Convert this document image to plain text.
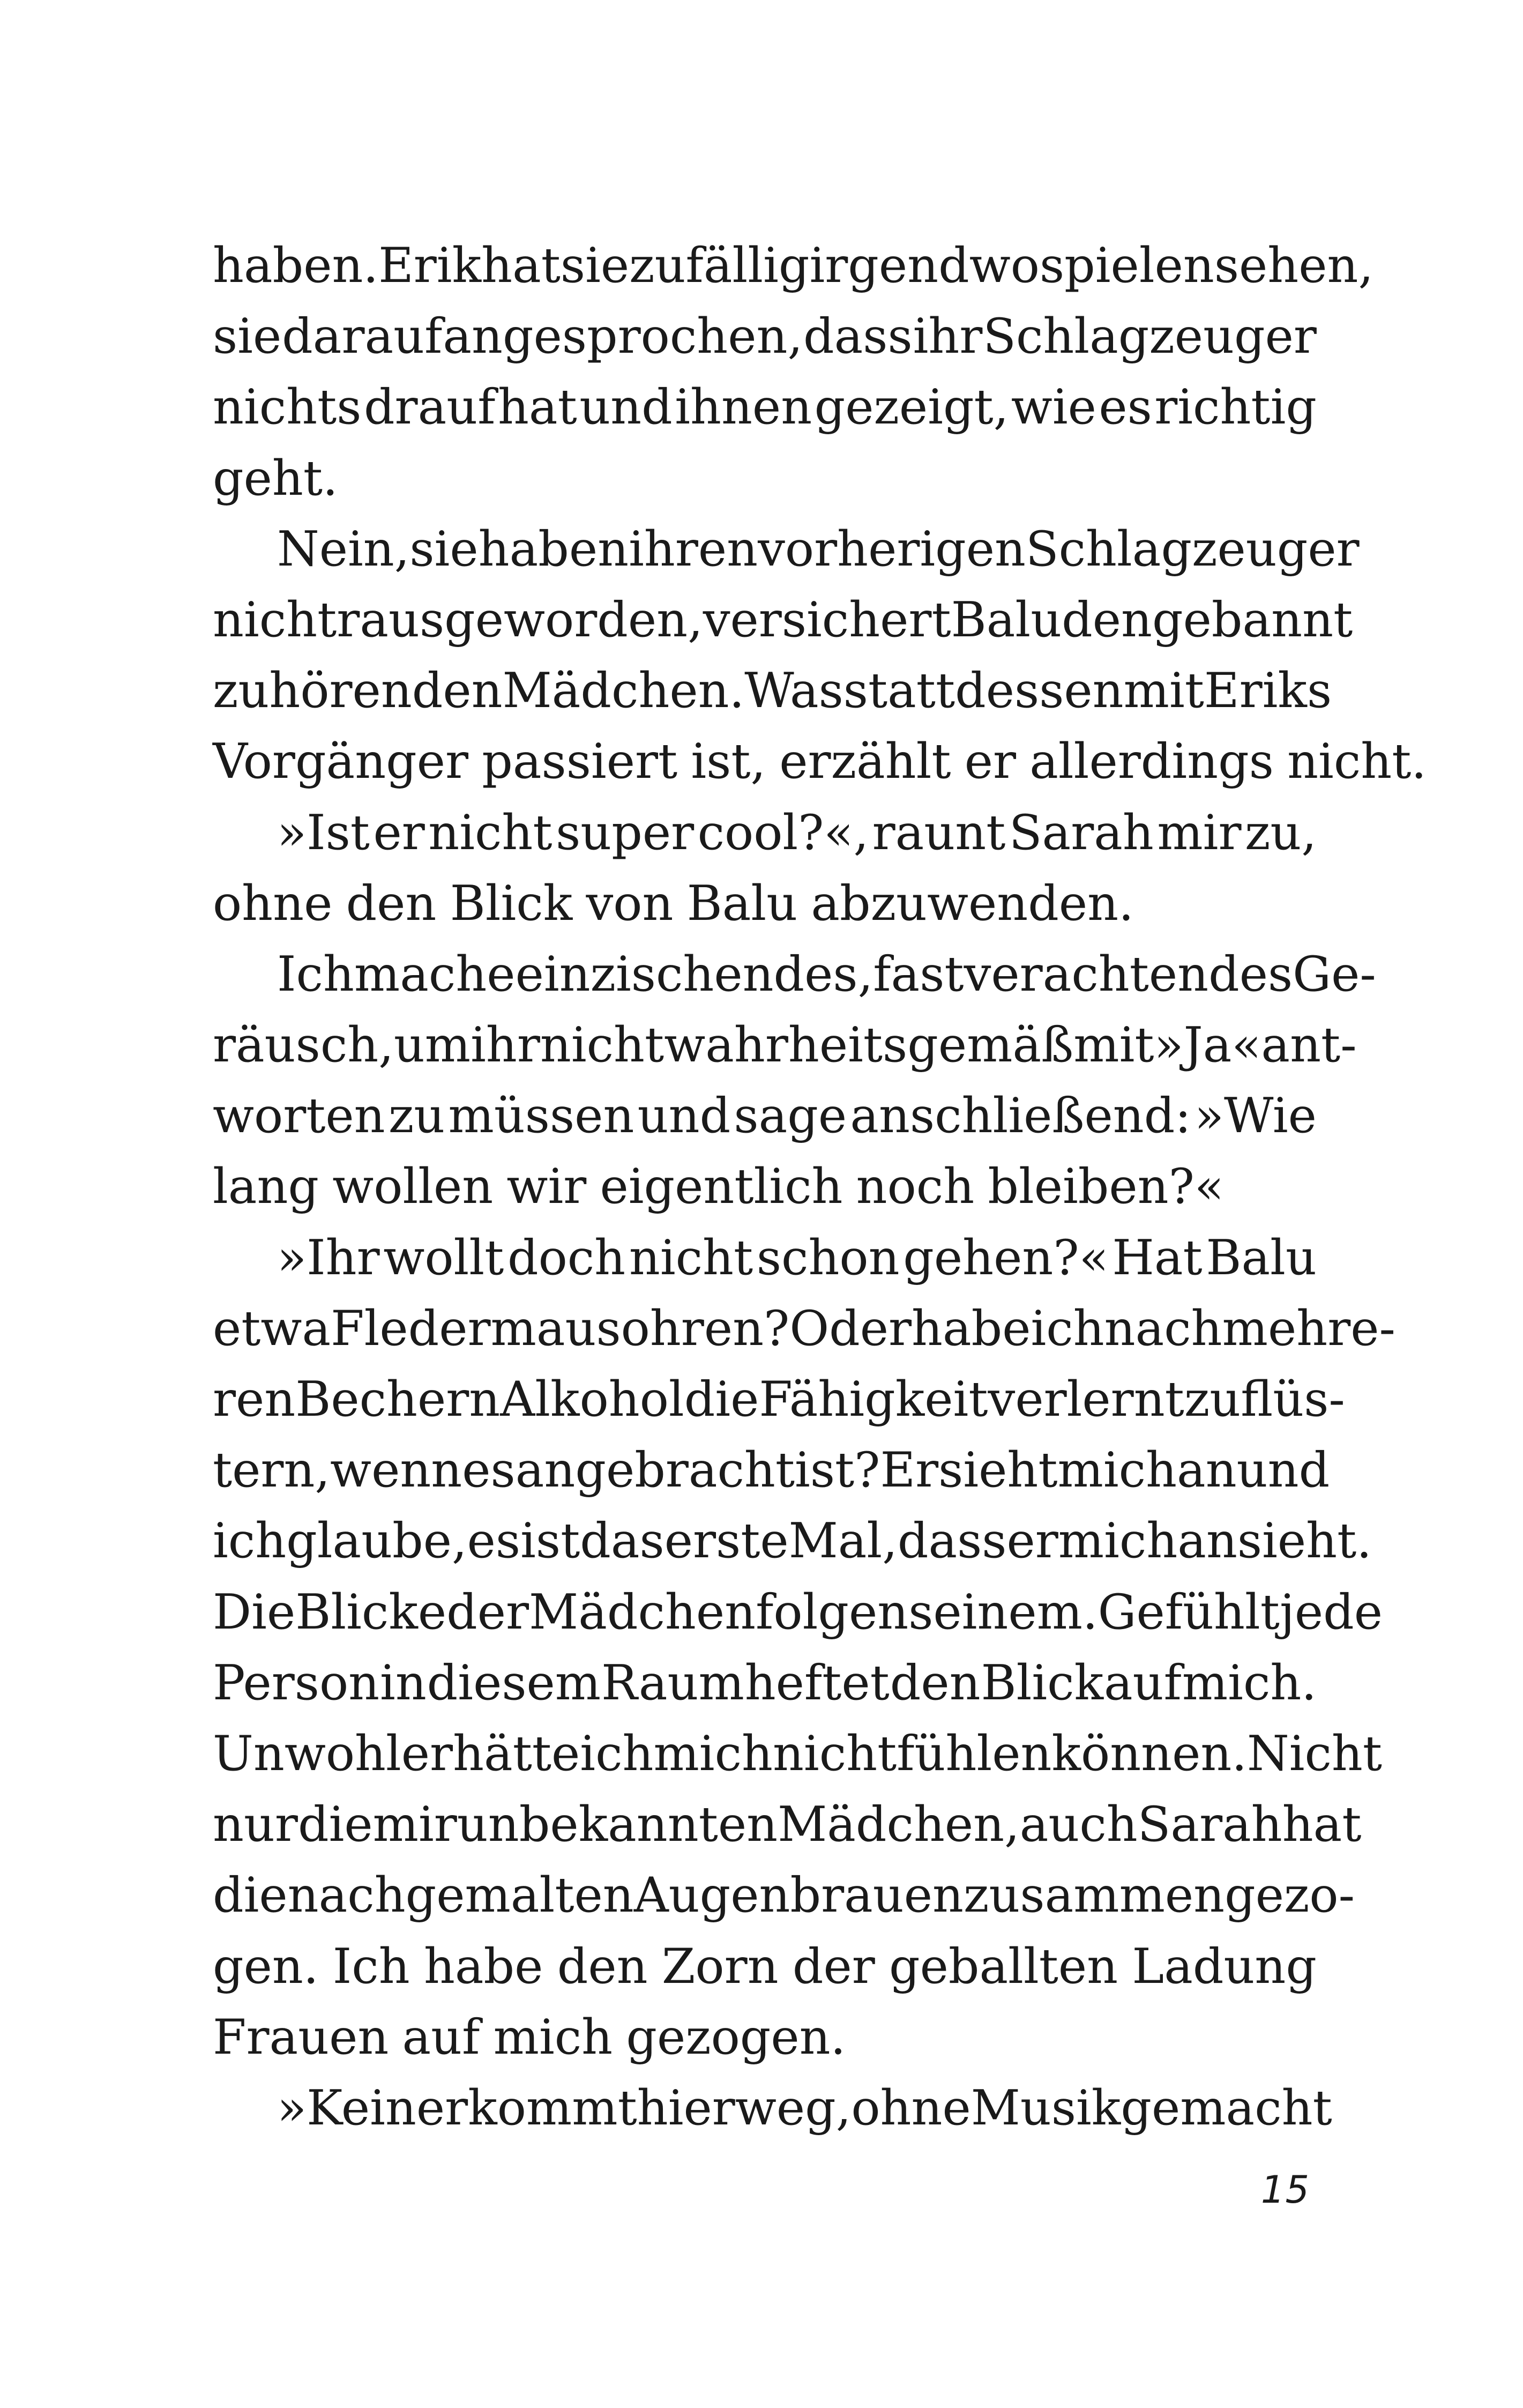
haben. Erik hat sie zufällig irgendwo spielen sehen,
sie darauf angesprochen, dass ihr Schlagzeuger
nichts drauf hat und ihnen gezeigt, wie es richtig
geht.
Nein, sie haben ihren vorherigen Schlagzeuger
nicht rausgeworden, versichert Balu den gebannt
zuhörenden Mädchen. Was stattdessen mit Eriks
Vorgänger passiert ist, erzählt er allerdings nicht.
»Ist er nicht super cool?«, raunt Sarah mir zu,
ohne den Blick von Balu abzuwenden.
Ich mache ein zischendes, fast verachtendes Ge-
räusch, um ihr nicht wahrheitsgemäß mit »Ja« ant-
worten zu müssen und sage anschließend: »Wie
lang wollen wir eigentlich noch bleiben?«
»Ihr wollt doch nicht schon gehen?« Hat Balu
etwa Fledermausohren? Oder habe ich nach mehre-
ren Bechern Alkohol die Fähigkeit verlernt zu flüs-
tern, wenn es angebracht ist? Er sieht mich an und
ich glaube, es ist das erste Mal, dass er mich ansieht.
Die Blicke der Mädchen folgen seinem. Gefühlt jede
Person in diesem Raum heftet den Blick auf mich.
Unwohler hätte ich mich nicht fühlen können. Nicht
nur die mir unbekannten Mädchen, auch Sarah hat
die nachgemalten Augenbrauen zusammengezo-
gen. Ich habe den Zorn der geballten Ladung
Frauen auf mich gezogen.
»Keiner kommt hier weg, ohne Musik gemacht
15
